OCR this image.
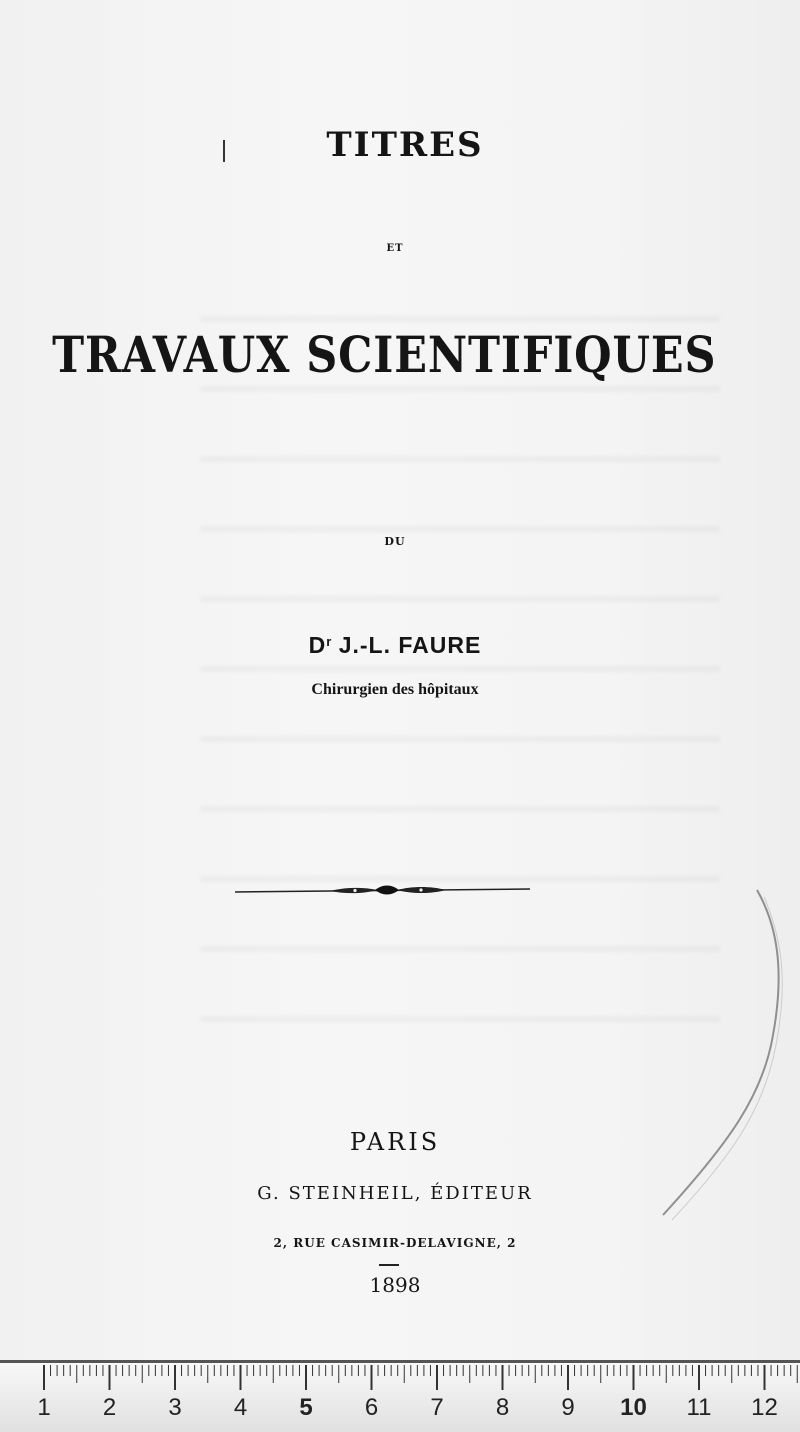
TITRES
ET
TRAVAUX SCIENTIFIQUES
DU
$D^r$ J.-L. FAURE
Chirurgien des hôpitaux
PARIS
G. STEINHEIL, ÉDITEUR
2, RUE CASIMIR-DELAVIGNE, 2
1898
1	2	3	4	5	6	7	8	9	10 11 12
